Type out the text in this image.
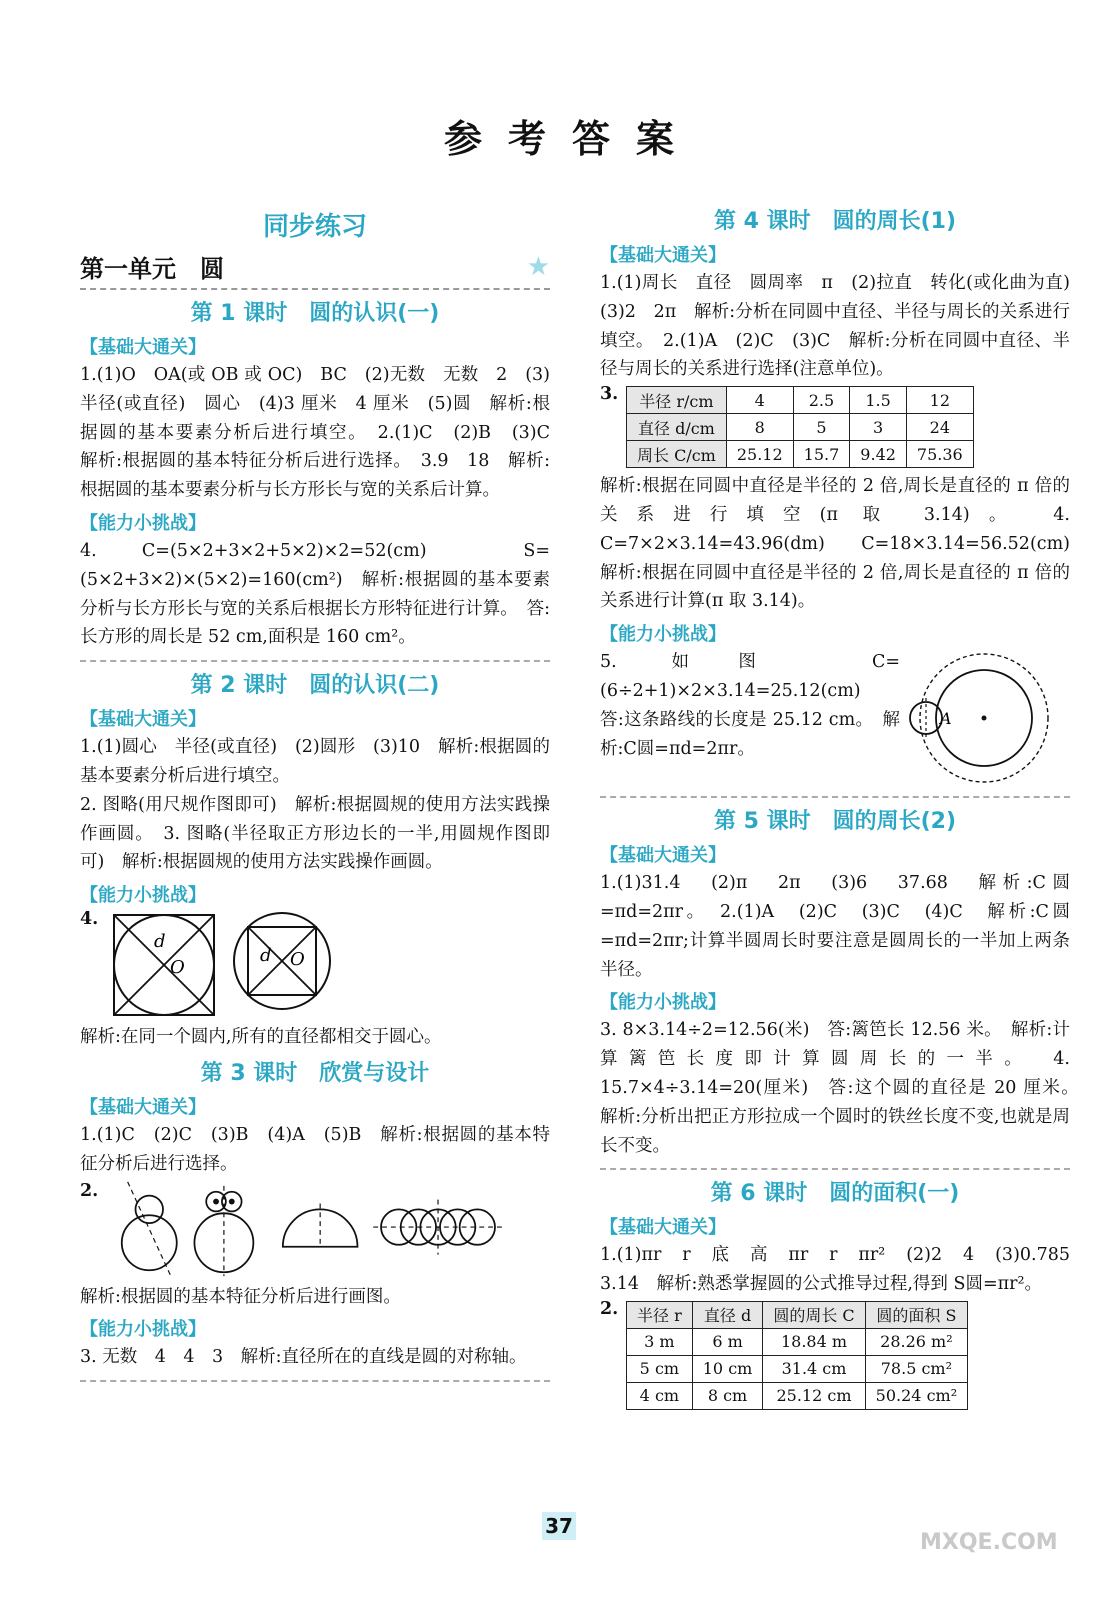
参考答案
同步练习
第一单元　圆	★
第 1 课时　圆的认识(一)
【基础大通关】

1.(1)O　OA(或 OB 或 OC)　BC　(2)无数　无数　2　(3)半径(或直径)　圆心　(4)3 厘米　4 厘米　(5)圆　解析:根据圆的基本要素分析后进行填空。　2.(1)C　(2)B　(3)C　解析:根据圆的基本特征分析后进行选择。　3.9　18　解析:根据圆的基本要素分析与长方形长与宽的关系后计算。

【能力小挑战】

4. C=(5×2+3×2+5×2)×2=52(cm)　S=(5×2+3×2)×(5×2)=160(cm²)　解析:根据圆的基本要素分析与长方形长与宽的关系后根据长方形特征进行计算。　答:长方形的周长是 52 cm,面积是 160 cm²。

第 2 课时　圆的认识(二)
【基础大通关】

1.(1)圆心　半径(或直径)　(2)圆形　(3)10　解析:根据圆的基本要素分析后进行填空。

2. 图略(用尺规作图即可)　解析:根据圆规的使用方法实践操作画圆。　3. 图略(半径取正方形边长的一半,用圆规作图即可)　解析:根据圆规的使用方法实践操作画圆。

【能力小挑战】
4.
d
O
d O

解析:在同一个圆内,所有的直径都相交于圆心。

第 3 课时　欣赏与设计
【基础大通关】

1.(1)C　(2)C　(3)B　(4)A　(5)B　解析:根据圆的基本特征分析后进行选择。

2.

解析:根据圆的基本特征分析后进行画图。

【能力小挑战】

3. 无数　4　4　3　解析:直径所在的直线是圆的对称轴。

第 4 课时　圆的周长(1)
【基础大通关】

1.(1)周长　直径　圆周率　π　(2)拉直　转化(或化曲为直)　(3)2　2π　解析:分析在同圆中直径、半径与周长的关系进行填空。　2.(1)A　(2)C　(3)C　解析:分析在同圆中直径、半径与周长的关系进行选择(注意单位)。

3. 半径 r/cm	4	2.5	1.5	12
直径 d/cm	8	5	3	24
周长 C/cm	25.12	15.7	9.42	75.36

解析:根据在同圆中直径是半径的 2 倍,周长是直径的 π 倍的关系进行填空(π 取 3.14)。　4. C=7×2×3.14=43.96(dm)　C=18×3.14=56.52(cm)　解析:根据在同圆中直径是半径的 2 倍,周长是直径的 π 倍的关系进行计算(π 取 3.14)。

【能力小挑战】

5. 如图　C=(6÷2+1)×2×3.14=25.12(cm)　答:这条路线的长度是 25.12 cm。　解析:C圆=πd=2πr。

A
第 5 课时　圆的周长(2)
【基础大通关】

1.(1)31.4　(2)π　2π　(3)6　37.68　解析:C圆=πd=2πr。　2.(1)A　(2)C　(3)C　(4)C　解析:C圆=πd=2πr;计算半圆周长时要注意是圆周长的一半加上两条半径。

【能力小挑战】

3. 8×3.14÷2=12.56(米)　答:篱笆长 12.56 米。　解析:计算篱笆长度即计算圆周长的一半。　4. 15.7×4÷3.14=20(厘米)　答:这个圆的直径是 20 厘米。　解析:分析出把正方形拉成一个圆时的铁丝长度不变,也就是周长不变。

第 6 课时　圆的面积(一)
【基础大通关】

1.(1)πr　r　底　高　πr　r　πr²　(2)2　4　(3)0.785　3.14　解析:熟悉掌握圆的公式推导过程,得到 S圆=πr²。

2. 半径 r	直径 d	圆的周长 C	圆的面积 S
3 m	6 m	18.84 m	28.26 m²
5 cm	10 cm	31.4 cm	78.5 cm²
4 cm	8 cm	25.12 cm	50.24 cm²
37
MXQE.COM
